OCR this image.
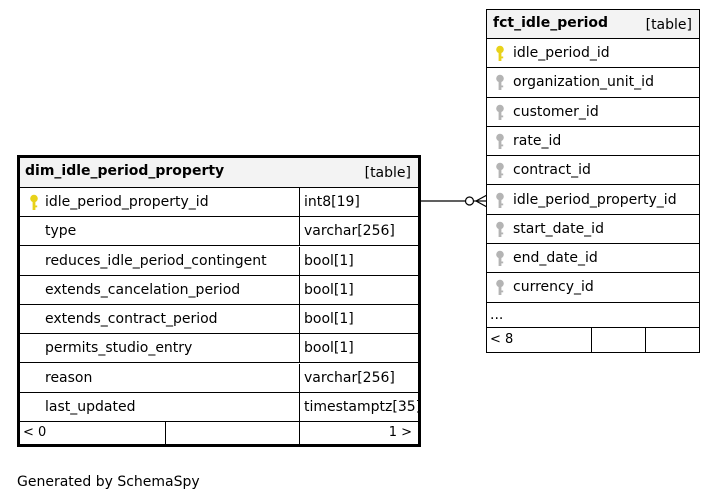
dim_idle_period_property	[table]
idle_period_property_id	int8[19]
type	varchar[256]
reduces_idle_period_contingent	bool[1]
extends_cancelation_period	bool[1]
extends_contract_period	bool[1]
permits_studio_entry	bool[1]
reason	varchar[256]
last_updated	timestamptz[35]
< 0	1 >
fct_idle_period	[table]
idle_period_id
organization_unit_id
customer_id
rate_id
contract_id
idle_period_property_id
start_date_id
end_date_id
currency_id
...
< 8
Generated by SchemaSpy
